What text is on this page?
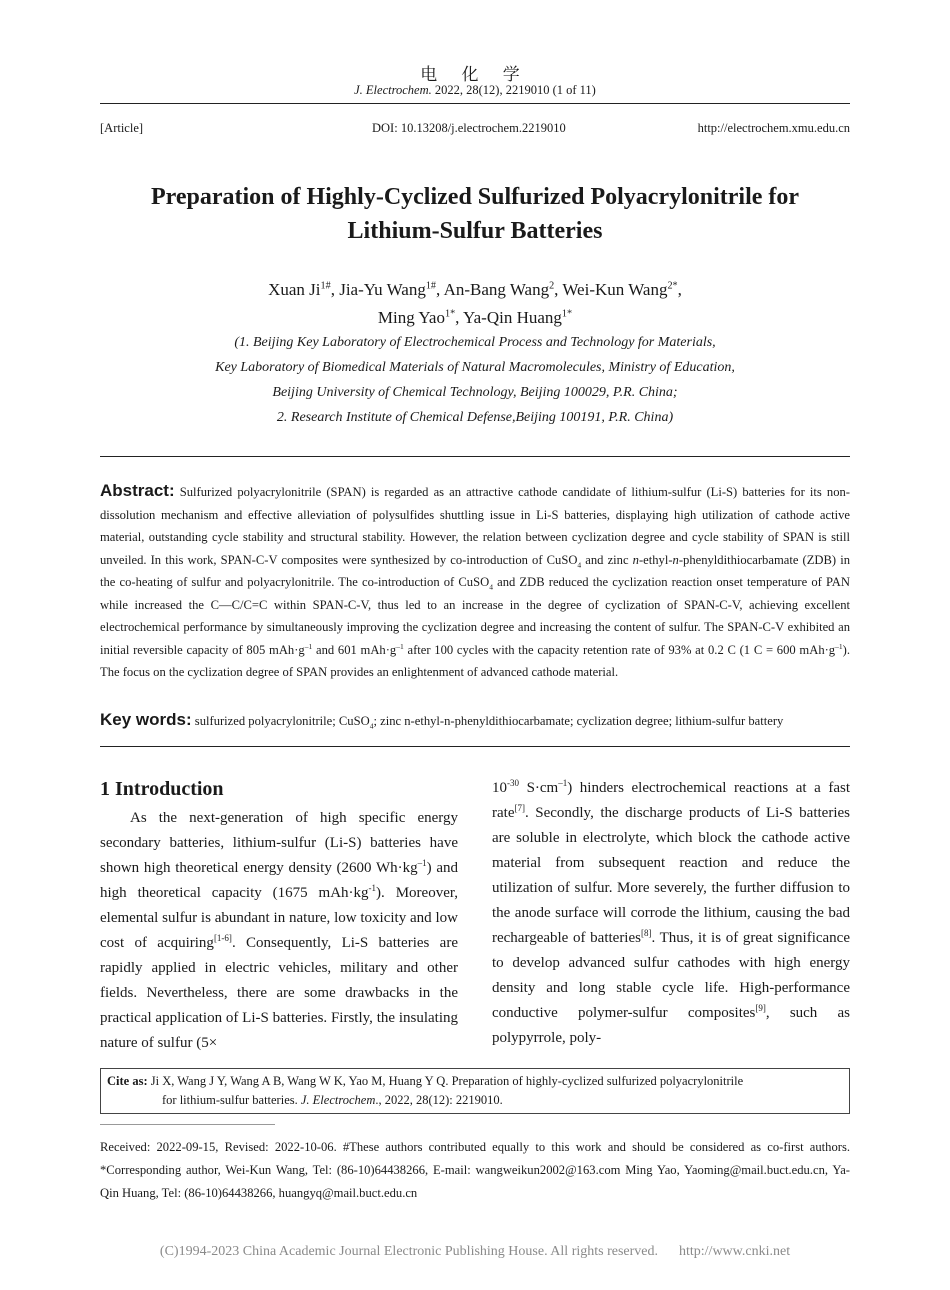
电 化 学
J. Electrochem. 2022, 28(12), 2219010 (1 of 11)
[Article]	DOI: 10.13208/j.electrochem.2219010	http://electrochem.xmu.edu.cn
Preparation of Highly-Cyclized Sulfurized Polyacrylonitrile for
Lithium-Sulfur Batteries
Xuan $Ji^{1\#}$, Jia-Yu Wang$^{1\#}$, An-Bang Wang$^2$, Wei-Kun Wang$^{2*}$,
Ming Yao$^{1*}$, Ya-Qin Huang$^{1*}$
(1. Beijing Key Laboratory of Electrochemical Process and Technology for Materials,
Key Laboratory of Biomedical Materials of Natural Macromolecules, Ministry of Education,
Beijing University of Chemical Technology, Beijing 100029, P.R. China;
2. Research Institute of Chemical Defense,Beijing 100191, P.R. China)
Abstract: Sulfurized polyacrylonitrile (SPAN) is regarded as an attractive cathode candidate of lithium-sulfur (Li-S) batteries for its non-dissolution mechanism and effective alleviation of polysulfides shuttling issue in Li-S batteries, displaying high utilization of cathode active material, outstanding cycle stability and structural stability. However, the relation between cyclization degree and cycle stability of SPAN is still unveiled. In this work, SPAN-C-V composites were synthesized by co-introduction of CuSO$_4$ and zinc n-ethyl-n-phenyldithiocarbamate (ZDB) in the co-heating of sulfur and polyacrylonitrile. The co-introduction of CuSO$_4$ and ZDB reduced the cyclization reaction onset temperature of PAN while increased the C—C/C=C within SPAN-C-V, thus led to an increase in the degree of cyclization of SPAN-C-V, achieving excellent electrochemical performance by simultaneously improving the cyclization degree and increasing the content of sulfur. The SPAN-C-V exhibited an initial reversible capacity of 805 $mAh\cdot g^{-1}$ and 601 $mAh\cdot g^{-1}$ after 100 cycles with the capacity retention rate of 93% at 0.2 C (1 C = 600 $mAh\cdot g^{-1}$). The focus on the cyclization degree of SPAN provides an enlightenment of advanced cathode material.
Key words: sulfurized polyacrylonitrile; CuSO$_4$; zinc n-ethyl-n-phenyldithiocarbamate; cyclization degree; lithium-sulfur battery
1 Introduction
As the next-generation of high specific energy secondary batteries, lithium-sulfur (Li-S) batteries have shown high theoretical energy density (2600 $Wh\cdot kg^{-1}$) and high theoretical capacity (1675 $mAh\cdot kg^{-1}$). Moreover, elemental sulfur is abundant in nature, low toxicity and low cost of acquiring[1-6]. Consequently, Li-S batteries are rapidly applied in electric vehicles, military and other fields. Nevertheless, there are some drawbacks in the practical application of Li-S batteries. Firstly, the insulating nature of sulfur (5×
$10^{-30}$ $S\cdot cm^{-1}$) hinders electrochemical reactions at a fast rate[7]. Secondly, the discharge products of Li-S batteries are soluble in electrolyte, which block the cathode active material from subsequent reaction and reduce the utilization of sulfur. More severely, the further diffusion to the anode surface will corrode the lithium, causing the bad rechargeable of batteries[8]. Thus, it is of great significance to develop advanced sulfur cathodes with high energy density and long stable cycle life. High-performance conductive polymer-sulfur composites[9], such as polypyrrole, poly-
Cite as: Ji X, Wang J Y, Wang A B, Wang W K, Yao M, Huang Y Q. Preparation of highly-cyclized sulfurized polyacrylonitrile
for lithium-sulfur batteries. J. Electrochem., 2022, 28(12): 2219010.
Received: 2022-09-15, Revised: 2022-10-06. #These authors contributed equally to this work and should be considered as co-first authors. *Corresponding author, Wei-Kun Wang, Tel: (86-10)64438266, E-mail: wangweikun2002@163.com Ming Yao, Yaoming@mail.buct.edu.cn, Ya-Qin Huang, Tel: (86-10)64438266, huangyq@mail.buct.edu.cn
(C)1994-2023 China Academic Journal Electronic Publishing House. All rights reserved. http://www.cnki.net
